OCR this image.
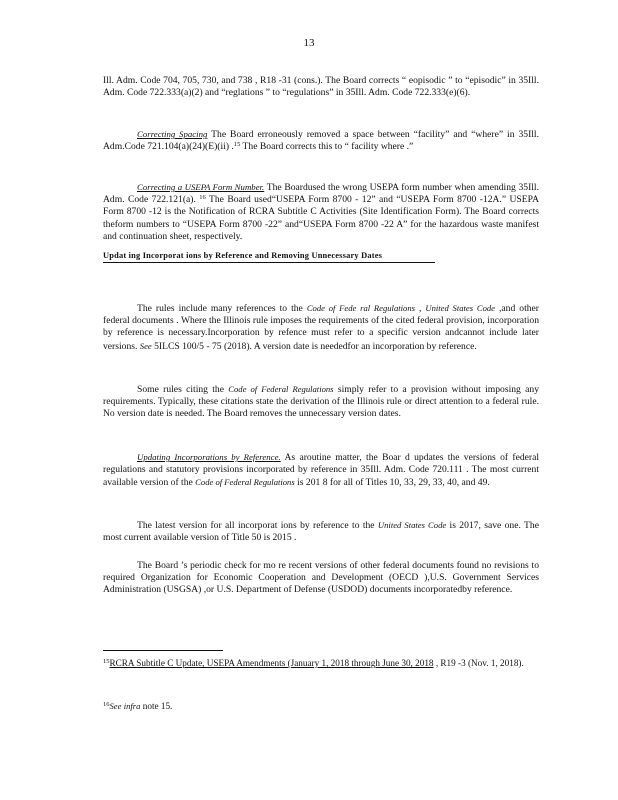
13

Ill. Adm. Code 704, 705, 730, and 738 , R18 -31 (cons.). The Board corrects “ eopisodic ” to “episodic” in 35Ill. Adm. Code 722.333(a)(2) and “reglations ” to “regulations” in 35Ill. Adm. Code 722.333(e)(6).

Correcting Spacing The Board erroneously removed a space between “facility” and “where” in 35Ill. Adm.Code 721.104(a)(24)(E)(ii) .$^{15}$ The Board corrects this to “ facility where .”

Correcting a USEPA Form Number. The Boardused the wrong USEPA form number when amending 35Ill. Adm. Code 722.121(a). $^{16}$ The Board used“USEPA Form 8700 - 12” and “USEPA Form 8700 -12A.” USEPA Form 8700 -12 is the Notification of RCRA Subtitle C Activities (Site Identification Form). The Board corrects theform numbers to “USEPA Form 8700 -22” and“USEPA Form 8700 -22 A” for the hazardous waste manifest and continuation sheet, respectively.

Updat ing Incorporat ions by Reference and Removing Unnecessary Dates

The rules include many references to the Code of Fede ral Regulations , United States Code ,and other federal documents . Where the Illinois rule imposes the requirements of the cited federal provision, incorporation by reference is necessary.Incorporation by refence must refer to a specific version andcannot include later versions. See 5ILCS 100/5 - 75 (2018). A version date is neededfor an incorporation by reference.

Some rules citing the Code of Federal Regulations simply refer to a provision without imposing any requirements. Typically, these citations state the derivation of the Illinois rule or direct attention to a federal rule. No version date is needed. The Board removes the unnecessary version dates.

Updating Incorporations by Reference. As aroutine matter, the Boar d updates the versions of federal regulations and statutory provisions incorporated by reference in 35Ill. Adm. Code 720.111 . The most current available version of the Code of Federal Regulations is 201 8 for all of Titles 10, 33, 29, 33, 40, and 49.

The latest version for all incorporat ions by reference to the United States Code is 2017, save one. The most current available version of Title 50 is 2015 .

The Board ’s periodic check for mo re recent versions of other federal documents found no revisions to required Organization for Economic Cooperation and Development (OECD ),U.S. Government Services Administration (USGSA) ,or U.S. Department of Defense (USDOD) documents incorporatedby reference.

$^{15}$RCRA Subtitle C Update, USEPA Amendments (January 1, 2018 through June 30, 2018 , R19 -3 (Nov. 1, 2018).
$^{16}$See infra note 15.
